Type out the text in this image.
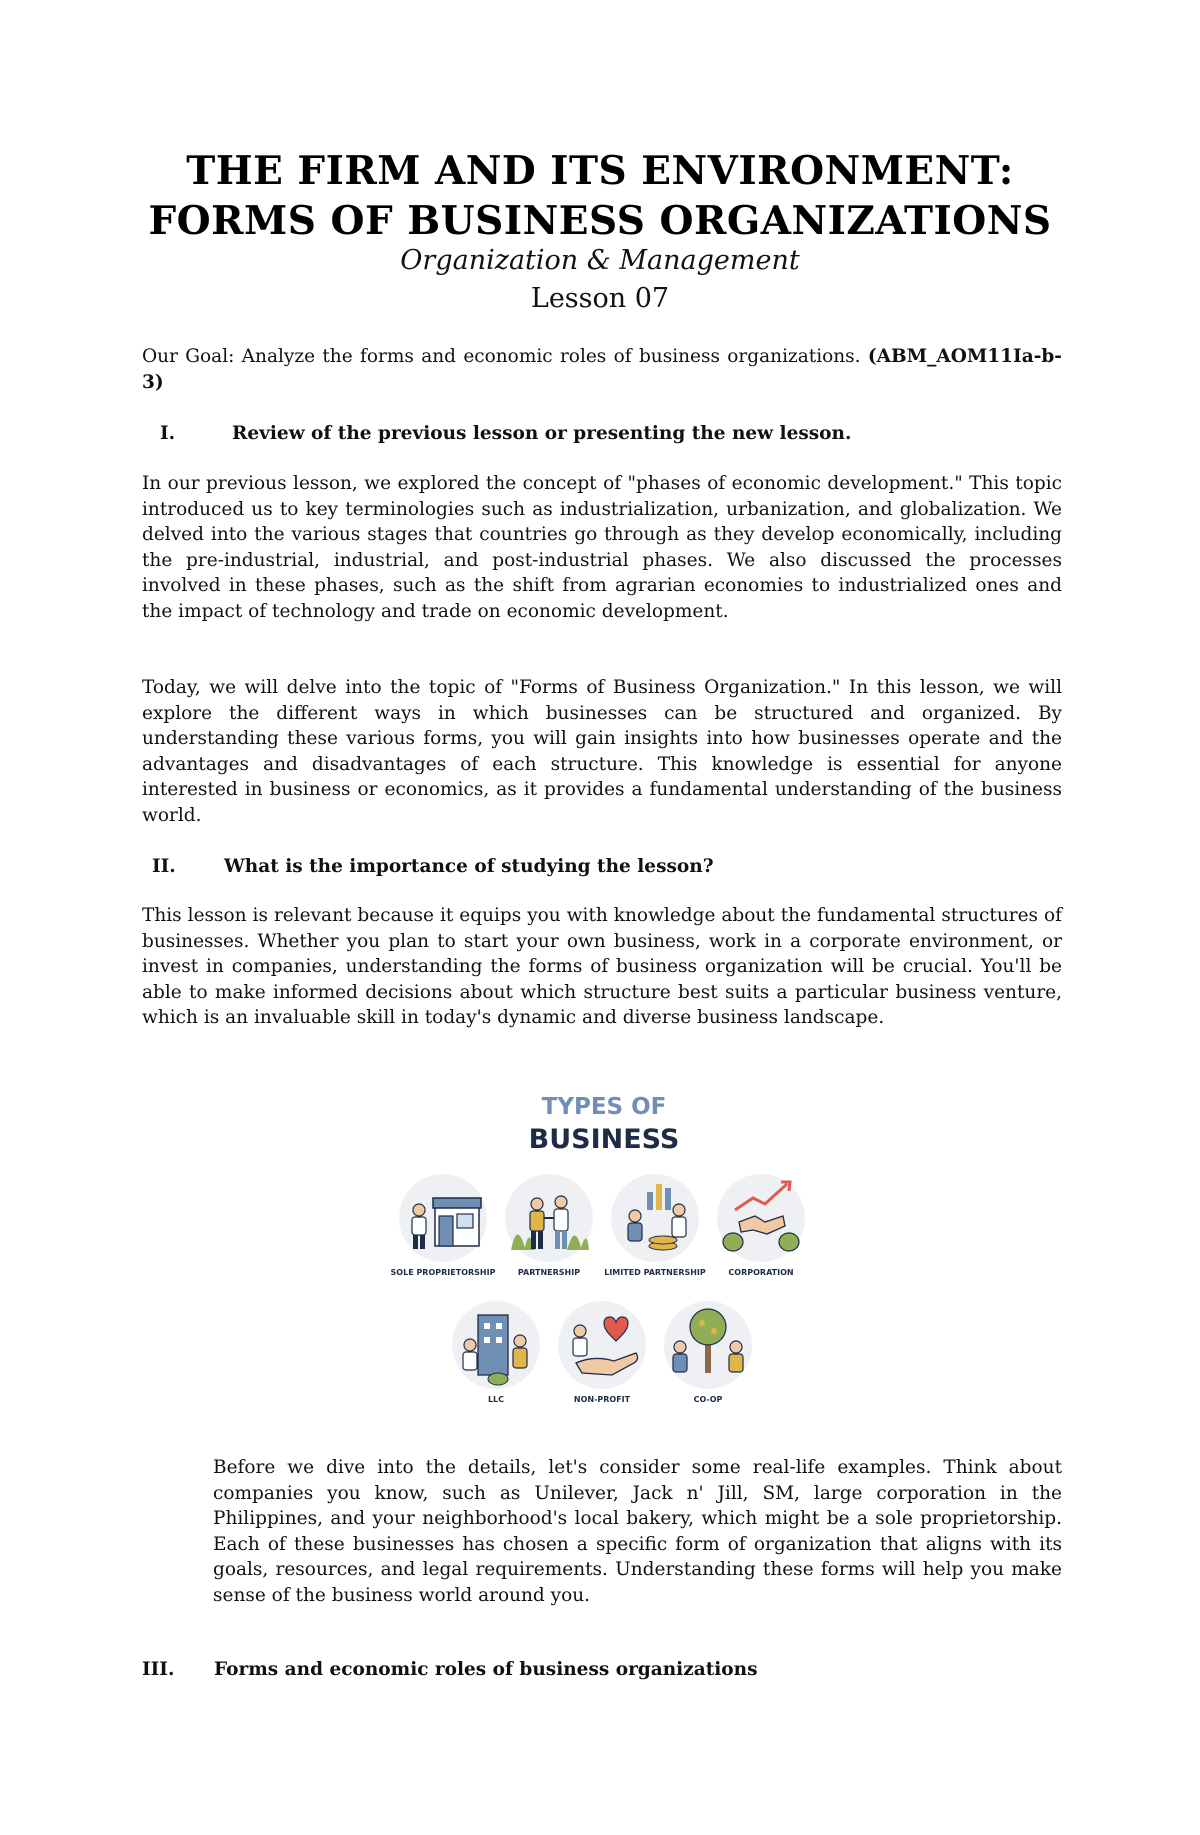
THE FIRM AND ITS ENVIRONMENT:
FORMS OF BUSINESS ORGANIZATIONS
Organization & Management
Lesson 07
Our Goal: Analyze the forms and economic roles of business organizations. (ABM_AOM11Ia-b-3)
I.	Review of the previous lesson or presenting the new lesson.
In our previous lesson, we explored the concept of "phases of economic development." This topic introduced us to key terminologies such as industrialization, urbanization, and globalization. We delved into the various stages that countries go through as they develop economically, including the pre-industrial, industrial, and post-industrial phases. We also discussed the processes involved in these phases, such as the shift from agrarian economies to industrialized ones and the impact of technology and trade on economic development.
Today, we will delve into the topic of "Forms of Business Organization." In this lesson, we will explore the different ways in which businesses can be structured and organized. By understanding these various forms, you will gain insights into how businesses operate and the advantages and disadvantages of each structure. This knowledge is essential for anyone interested in business or economics, as it provides a fundamental understanding of the business world.
II.	What is the importance of studying the lesson?
This lesson is relevant because it equips you with knowledge about the fundamental structures of businesses. Whether you plan to start your own business, work in a corporate environment, or invest in companies, understanding the forms of business organization will be crucial. You'll be able to make informed decisions about which structure best suits a particular business venture, which is an invaluable skill in today's dynamic and diverse business landscape.
TYPES OF
BUSINESS
SOLE PROPRIETORSHIP	PARTNERSHIP	LIMITED PARTNERSHIP	CORPORATION
LLC	NON-PROFIT	CO-OP
Before we dive into the details, let's consider some real-life examples. Think about companies you know, such as Unilever, Jack n' Jill, SM, large corporation in the Philippines, and your neighborhood's local bakery, which might be a sole proprietorship. Each of these businesses has chosen a specific form of organization that aligns with its goals, resources, and legal requirements. Understanding these forms will help you make sense of the business world around you.
III. Forms and economic roles of business organizations
